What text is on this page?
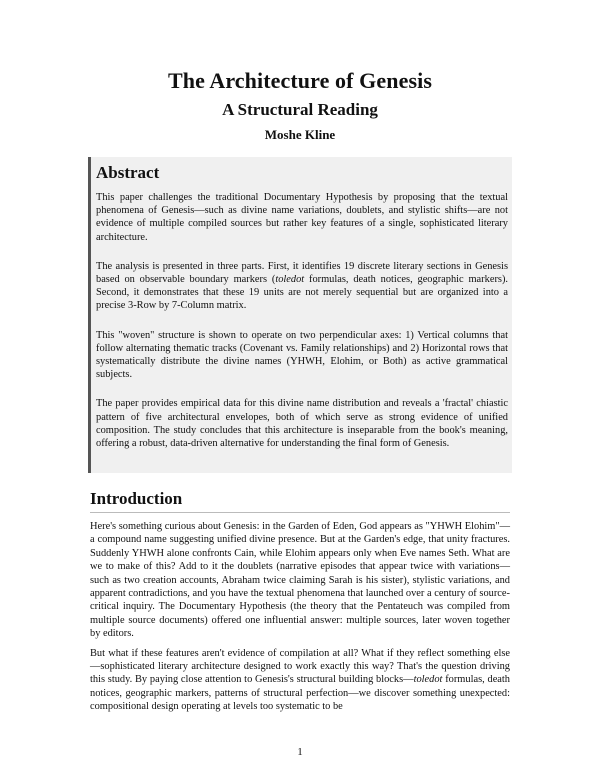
The Architecture of Genesis
A Structural Reading
Moshe Kline
Abstract

This paper challenges the traditional Documentary Hypothesis by proposing that the textual phenomena of Genesis—such as divine name variations, doublets, and stylistic shifts—are not evidence of multiple compiled sources but rather key features of a single, sophisticated literary architecture.

The analysis is presented in three parts. First, it identifies 19 discrete literary sections in Genesis based on observable boundary markers (toledot formulas, death notices, geographic markers). Second, it demonstrates that these 19 units are not merely sequential but are organized into a precise 3-Row by 7-Column matrix.

This "woven" structure is shown to operate on two perpendicular axes: 1) Vertical columns that follow alternating thematic tracks (Covenant vs. Family relationships) and 2) Horizontal rows that systematically distribute the divine names (YHWH, Elohim, or Both) as active grammatical subjects.

The paper provides empirical data for this divine name distribution and reveals a 'fractal' chiastic pattern of five architectural envelopes, both of which serve as strong evidence of unified composition. The study concludes that this architecture is inseparable from the book's meaning, offering a robust, data-driven alternative for understanding the final form of Genesis.

Introduction

Here's something curious about Genesis: in the Garden of Eden, God appears as "YHWH Elohim"—a compound name suggesting unified divine presence. But at the Garden's edge, that unity fractures. Suddenly YHWH alone confronts Cain, while Elohim appears only when Eve names Seth. What are we to make of this? Add to it the doublets (narrative episodes that appear twice with variations—such as two creation accounts, Abraham twice claiming Sarah is his sister), stylistic variations, and apparent contradictions, and you have the textual phenomena that launched over a century of source-critical inquiry. The Documentary Hypothesis (the theory that the Pentateuch was compiled from multiple source documents) offered one influential answer: multiple sources, later woven together by editors.

But what if these features aren't evidence of compilation at all? What if they reflect something else—sophisticated literary architecture designed to work exactly this way? That's the question driving this study. By paying close attention to Genesis's structural building blocks—toledot formulas, death notices, geographic markers, patterns of structural perfection—we discover something unexpected: compositional design operating at levels too systematic to be

1
